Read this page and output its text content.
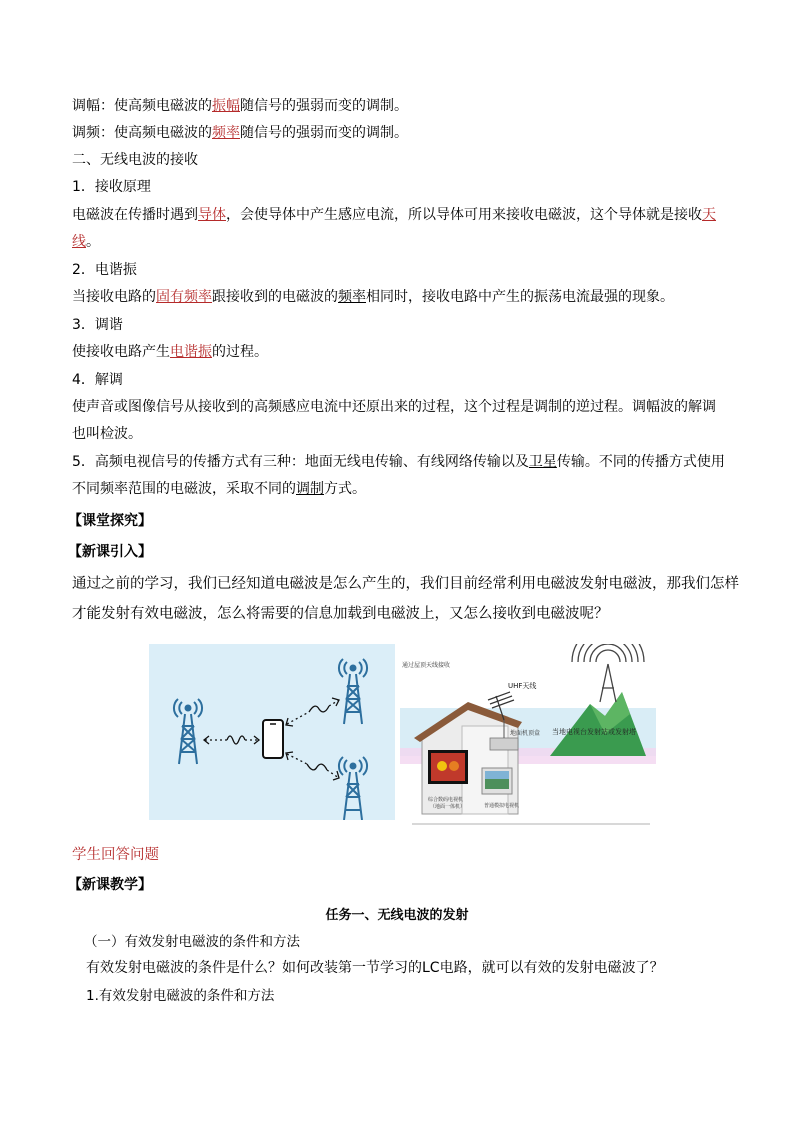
调幅：使高频电磁波的振幅随信号的强弱而变的调制。
调频：使高频电磁波的频率随信号的强弱而变的调制。
二、无线电波的接收
1．接收原理
电磁波在传播时遇到导体，会使导体中产生感应电流，所以导体可用来接收电磁波，这个导体就是接收天
线。
2．电谐振
当接收电路的固有频率跟接收到的电磁波的频率相同时，接收电路中产生的振荡电流最强的现象。
3．调谐
使接收电路产生电谐振的过程。
4．解调
使声音或图像信号从接收到的高频感应电流中还原出来的过程，这个过程是调制的逆过程。调幅波的解调
也叫检波。
5．高频电视信号的传播方式有三种：地面无线电传输、有线网络传输以及卫星传输。不同的传播方式使用
不同频率范围的电磁波，采取不同的调制方式。
【课堂探究】
【新课引入】
通过之前的学习，我们已经知道电磁波是怎么产生的，我们目前经常利用电磁波发射电磁波，那我们怎样
才能发射有效电磁波，怎么将需要的信息加载到电磁波上，又怎么接收到电磁波呢？
通过屋顶天线接收
UHF天线
地面机顶盒 当地电视台发射站或发射塔
综合数码电视机
（地面一体机）	普通模拟电视机
学生回答问题
【新课教学】
任务一、无线电波的发射
（一）有效发射电磁波的条件和方法
有效发射电磁波的条件是什么？如何改装第一节学习的LC电路，就可以有效的发射电磁波了？
1.有效发射电磁波的条件和方法
